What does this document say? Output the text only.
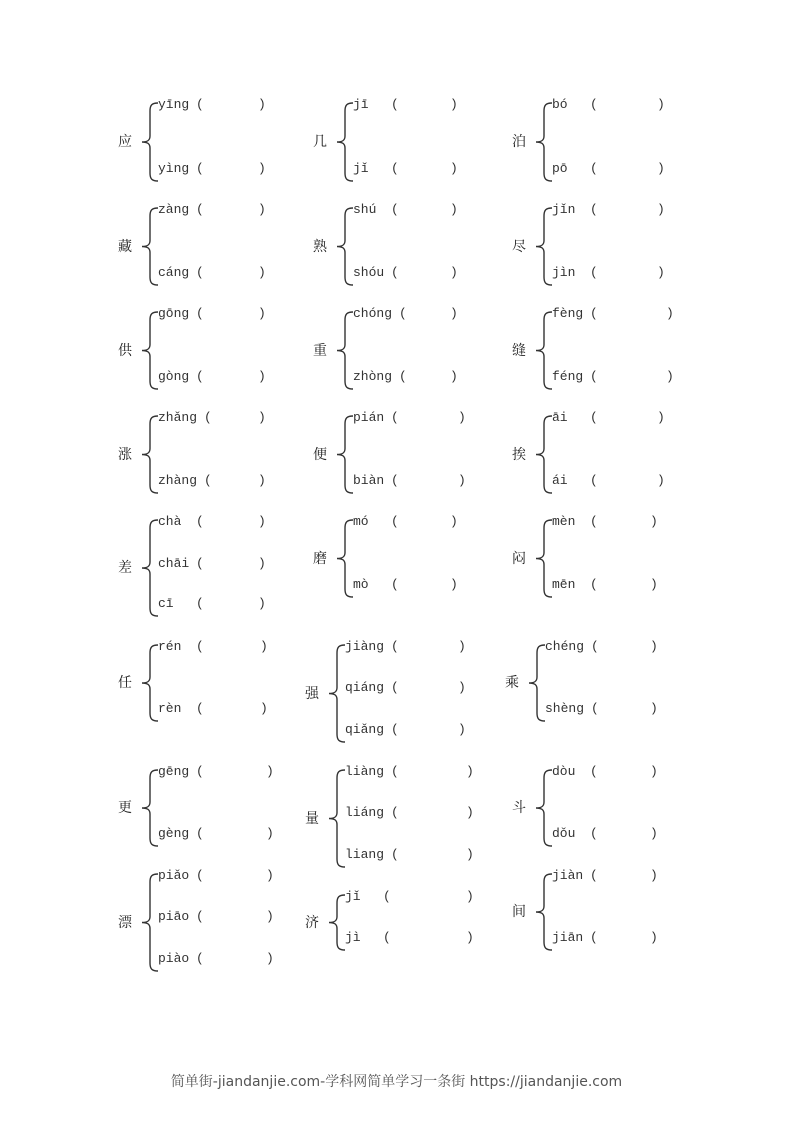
应
yīng (	)
yìng (	)
几
jī (	)
jǐ (	)
泊
bó (	)
pō (	)
藏
zàng (	)
cáng (	)
熟
shú (	)
shóu (	)
尽
jǐn (	)
jìn (	)
供
gōng (	)
gòng (	)
重
chóng (	)
zhòng (	)
缝
fèng (	)
féng (	)
涨
zhǎng (	)
zhàng (	)
便
pián (	)
biàn (	)
挨
āi (	)
ái (	)
差
chà (	)
chāi (	)
cī (	)
磨
mó (	)
mò (	)
闷
mèn (	)
mēn (	)
任
rén (	)
rèn (	)
强
jiàng (	)
qiáng (	)
qiǎng (	)
乘
chéng (	)
shèng (	)
更
gēng (	)
gèng (	)
量
liàng (	)
liáng (	)
liang (	)
斗
dòu (	)
dǒu (	)
漂
piǎo (	)
piāo (	)
piào (	)
济
jǐ (	)
jì (	)
间
jiàn (	)
jiān (	)
简单街-jiandanjie.com-学科网简单学习一条街 https://jiandanjie.com
